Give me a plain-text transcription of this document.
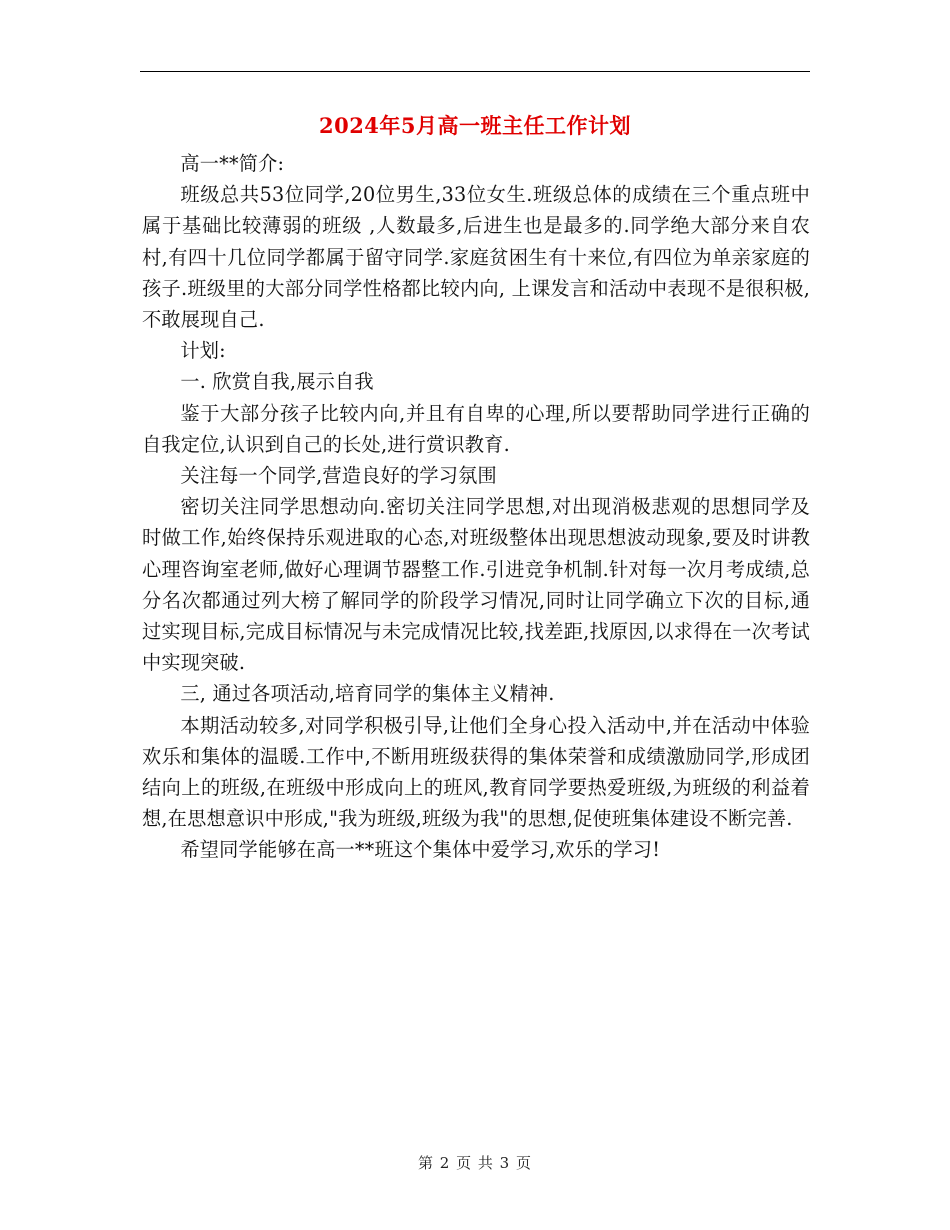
2024年5月高一班主任工作计划

高一**简介:

班级总共53位同学,20位男生,33位女生.班级总体的成绩在三个重点班中属于基础比较薄弱的班级 ,人数最多,后进生也是最多的.同学绝大部分来自农村,有四十几位同学都属于留守同学.家庭贫困生有十来位,有四位为单亲家庭的孩子.班级里的大部分同学性格都比较内向, 上课发言和活动中表现不是很积极,不敢展现自己.

计划:

一. 欣赏自我,展示自我

鉴于大部分孩子比较内向,并且有自卑的心理,所以要帮助同学进行正确的自我定位,认识到自己的长处,进行赏识教育.

关注每一个同学,营造良好的学习氛围

密切关注同学思想动向.密切关注同学思想,对出现消极悲观的思想同学及时做工作,始终保持乐观进取的心态,对班级整体出现思想波动现象,要及时讲教心理咨询室老师,做好心理调节器整工作.引进竞争机制.针对每一次月考成绩,总分名次都通过列大榜了解同学的阶段学习情况,同时让同学确立下次的目标,通过实现目标,完成目标情况与未完成情况比较,找差距,找原因,以求得在一次考试中实现突破.

三, 通过各项活动,培育同学的集体主义精神.

本期活动较多,对同学积极引导,让他们全身心投入活动中,并在活动中体验欢乐和集体的温暖.工作中,不断用班级获得的集体荣誉和成绩激励同学,形成团结向上的班级,在班级中形成向上的班风,教育同学要热爱班级,为班级的利益着想,在思想意识中形成,"我为班级,班级为我"的思想,促使班集体建设不断完善.

希望同学能够在高一**班这个集体中爱学习,欢乐的学习!

第 2 页 共 3 页
